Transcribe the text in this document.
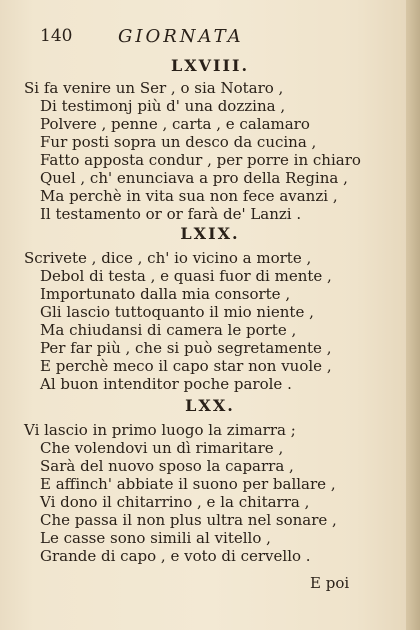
140	GIORNATA
LXVIII.
Si fa venire un Ser , o sia Notaro ,
Di testimonj più d' una dozzina ,
Polvere , penne , carta , e calamaro
Fur posti sopra un desco da cucina ,
Fatto apposta condur , per porre in chiaro
Quel , ch' enunciava a pro della Regina ,
Ma perchè in vita sua non fece avanzi ,
Il testamento or or farà de' Lanzi .
LXIX.
Scrivete , dice , ch' io vicino a morte ,
Debol di testa , e quasi fuor di mente ,
Importunato dalla mia consorte ,
Gli lascio tuttoquanto il mio niente ,
Ma chiudansi di camera le porte ,
Per far più , che si può segretamente ,
E perchè meco il capo star non vuole ,
Al buon intenditor poche parole .
LXX.
Vi lascio in primo luogo la zimarra ;
Che volendovi un dì rimaritare ,
Sarà del nuovo sposo la caparra ,
E affinch' abbiate il suono per ballare ,
Vi dono il chitarrino , e la chitarra ,
Che passa il non plus ultra nel sonare ,
Le casse sono simili al vitello ,
Grande di capo , e voto di cervello .
E poi
